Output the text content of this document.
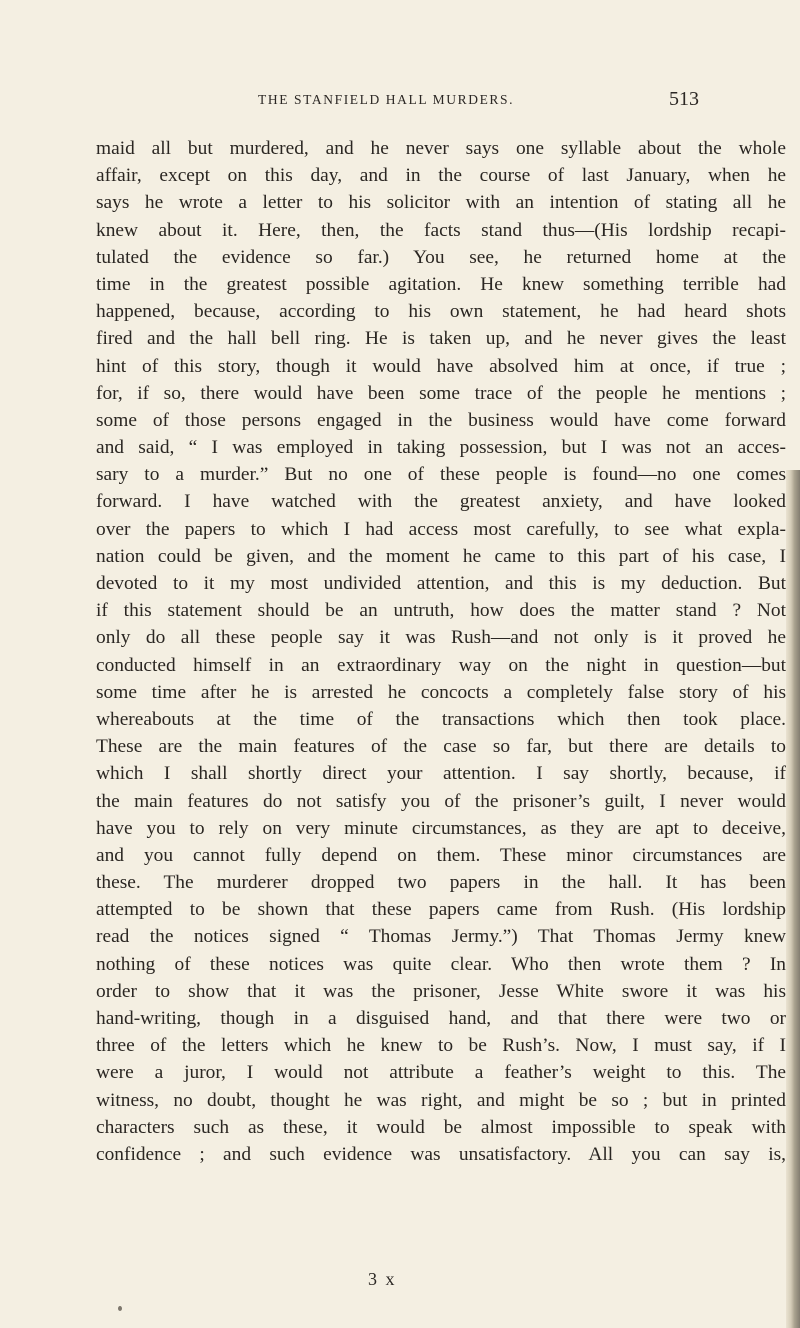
THE STANFIELD HALL MURDERS.	513
maid all but murdered, and he never says one syllable about the whole
affair, except on this day, and in the course of last January, when he
says he wrote a letter to his solicitor with an intention of stating all he
knew about it. Here, then, the facts stand thus—(His lordship recapi-
tulated the evidence so far.) You see, he returned home at the
time in the greatest possible agitation. He knew something terrible had
happened, because, according to his own statement, he had heard shots
fired and the hall bell ring. He is taken up, and he never gives the least
hint of this story, though it would have absolved him at once, if true ;
for, if so, there would have been some trace of the people he mentions ;
some of those persons engaged in the business would have come forward
and said, “ I was employed in taking possession, but I was not an acces-
sary to a murder.” But no one of these people is found—no one comes
forward. I have watched with the greatest anxiety, and have looked
over the papers to which I had access most carefully, to see what expla-
nation could be given, and the moment he came to this part of his case, I
devoted to it my most undivided attention, and this is my deduction. But
if this statement should be an untruth, how does the matter stand ? Not
only do all these people say it was Rush—and not only is it proved he
conducted himself in an extraordinary way on the night in question—but
some time after he is arrested he concocts a completely false story of his
whereabouts at the time of the transactions which then took place.
These are the main features of the case so far, but there are details to
which I shall shortly direct your attention. I say shortly, because, if
the main features do not satisfy you of the prisoner’s guilt, I never would
have you to rely on very minute circumstances, as they are apt to deceive,
and you cannot fully depend on them. These minor circumstances are
these. The murderer dropped two papers in the hall. It has been
attempted to be shown that these papers came from Rush. (His lordship
read the notices signed “ Thomas Jermy.”) That Thomas Jermy knew
nothing of these notices was quite clear. Who then wrote them ? In
order to show that it was the prisoner, Jesse White swore it was his
hand-writing, though in a disguised hand, and that there were two or
three of the letters which he knew to be Rush’s. Now, I must say, if I
were a juror, I would not attribute a feather’s weight to this. The
witness, no doubt, thought he was right, and might be so ; but in printed
characters such as these, it would be almost impossible to speak with
confidence ; and such evidence was unsatisfactory. All you can say is,
3 x
